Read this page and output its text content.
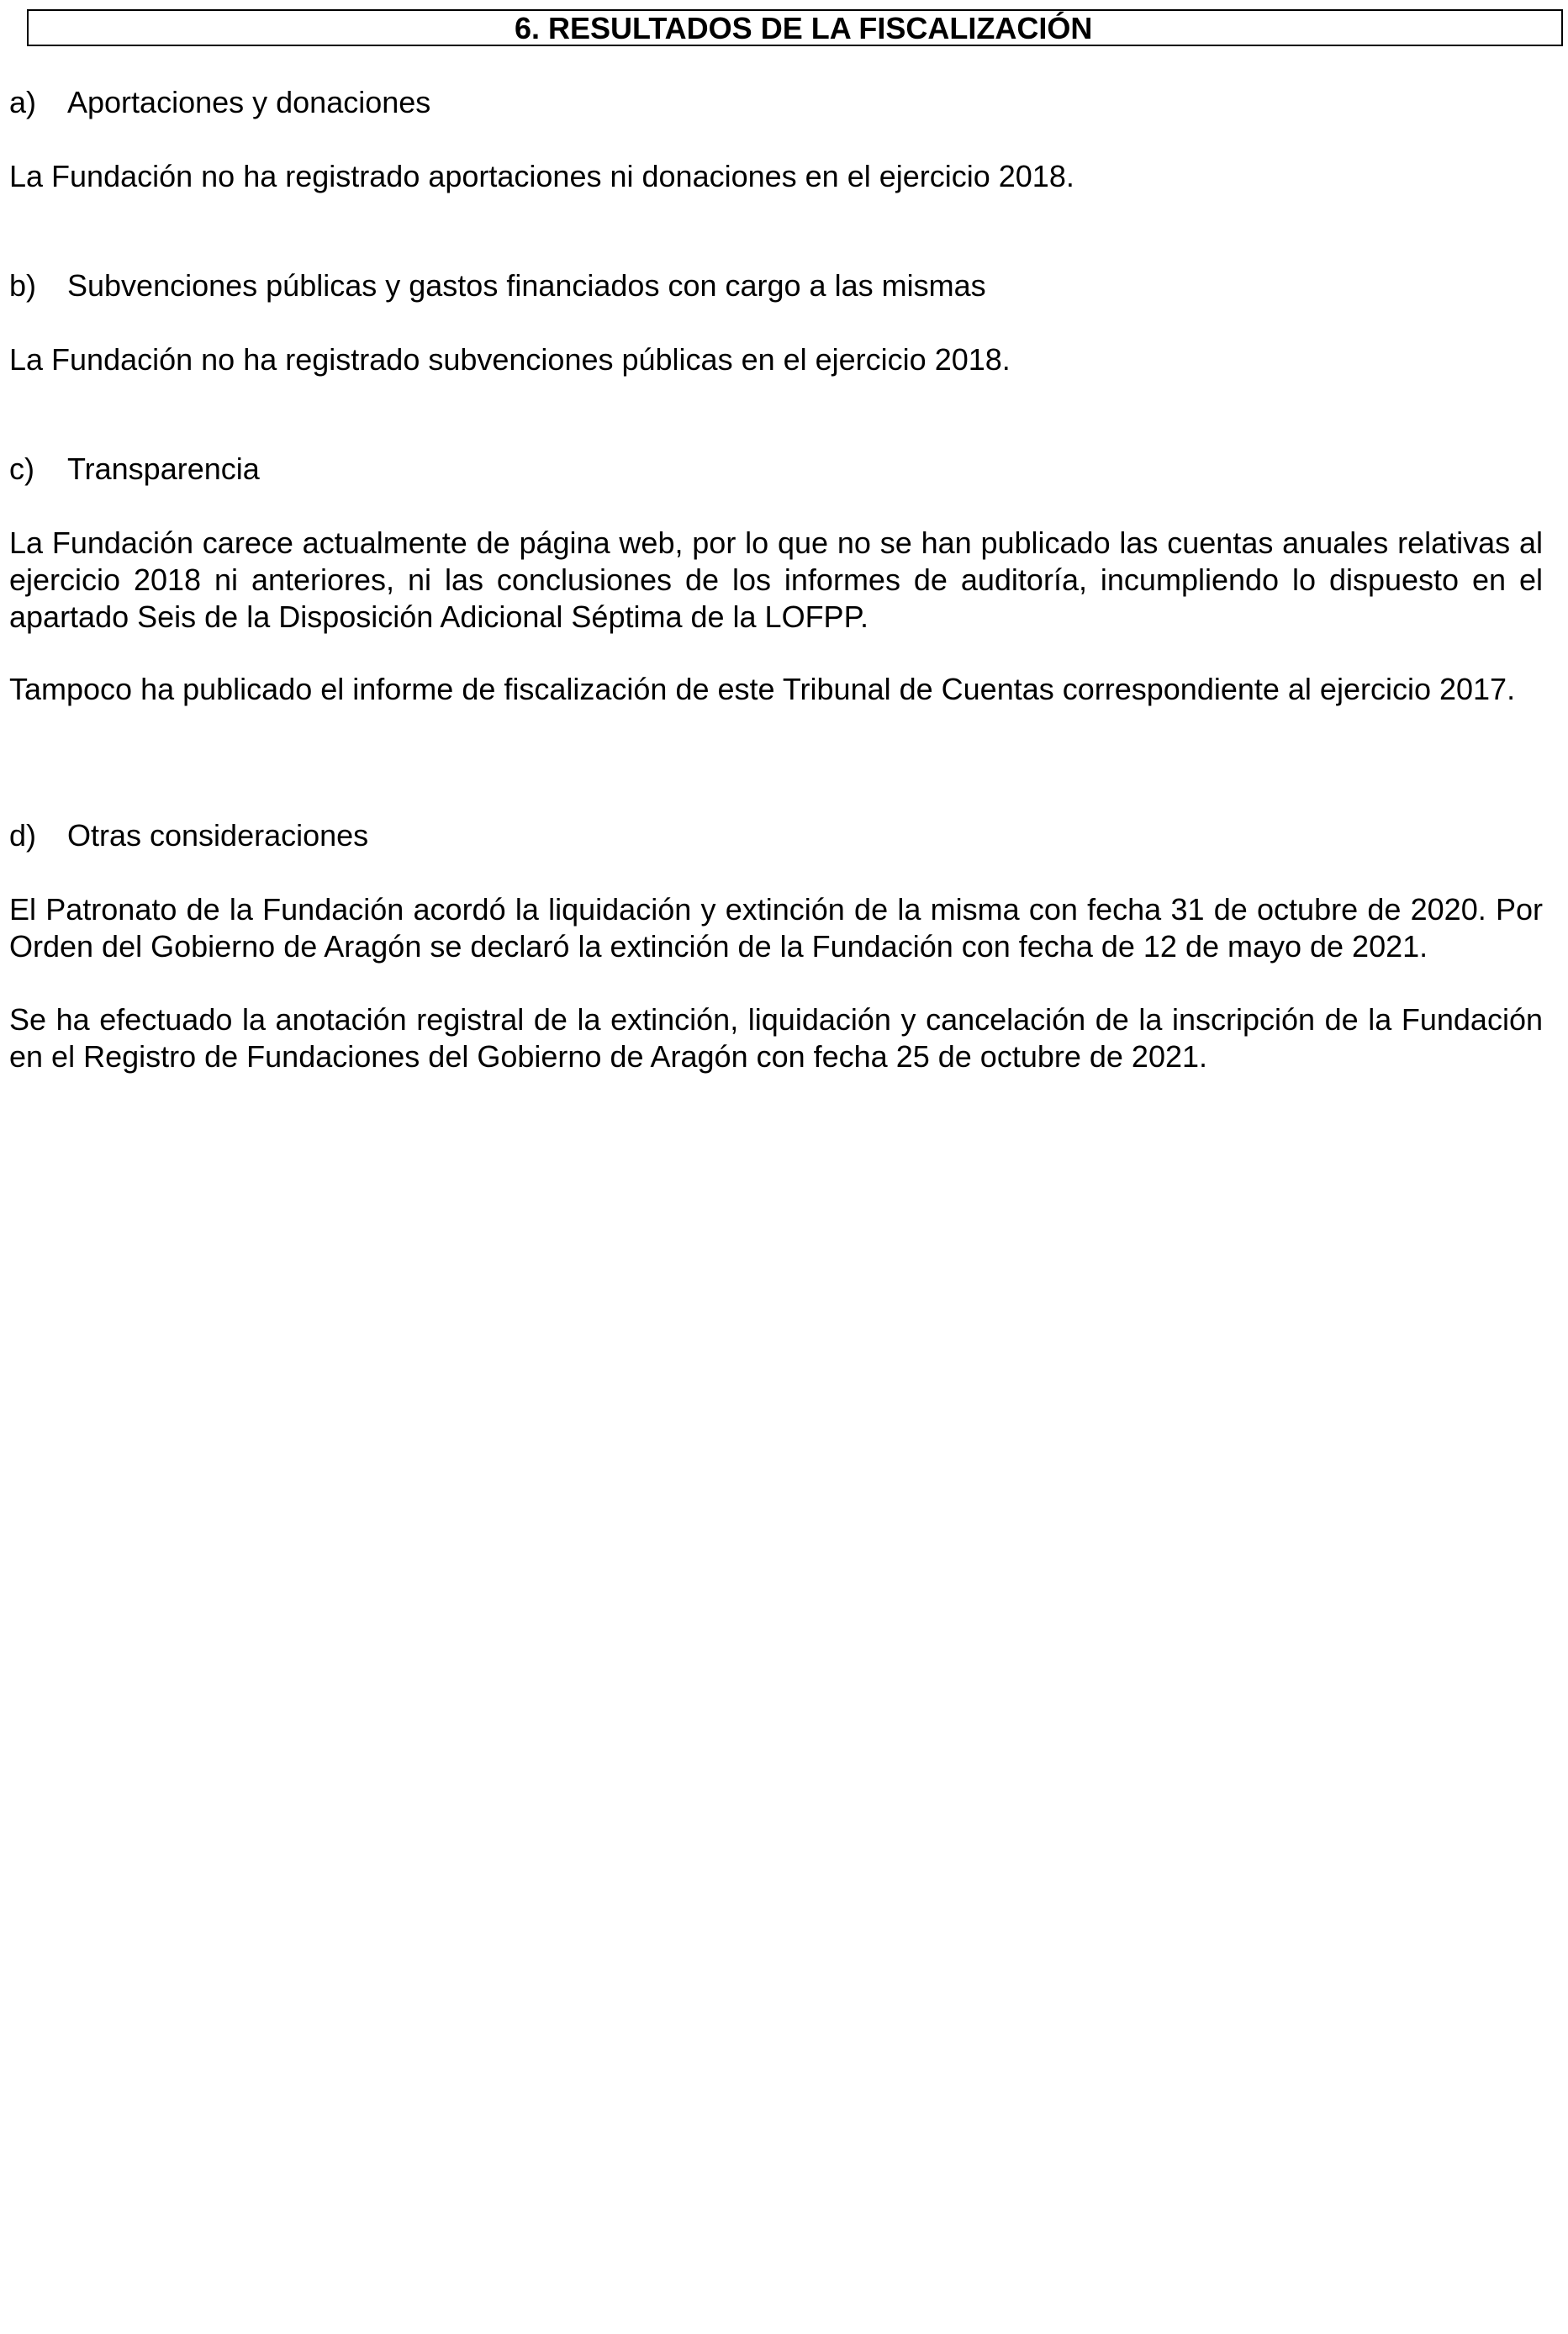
6. RESULTADOS DE LA FISCALIZACIÓN
a) Aportaciones y donaciones
La Fundación no ha registrado aportaciones ni donaciones en el ejercicio 2018.
b) Subvenciones públicas y gastos financiados con cargo a las mismas
La Fundación no ha registrado subvenciones públicas en el ejercicio 2018.
c) Transparencia
La Fundación carece actualmente de página web, por lo que no se han publicado las cuentas anuales relativas al ejercicio 2018 ni anteriores, ni las conclusiones de los informes de auditoría, incumpliendo lo dispuesto en el apartado Seis de la Disposición Adicional Séptima de la LOFPP.
Tampoco ha publicado el informe de fiscalización de este Tribunal de Cuentas correspondiente al ejercicio 2017.
d) Otras consideraciones
El Patronato de la Fundación acordó la liquidación y extinción de la misma con fecha 31 de octubre de 2020. Por Orden del Gobierno de Aragón se declaró la extinción de la Fundación con fecha de 12 de mayo de 2021.
Se ha efectuado la anotación registral de la extinción, liquidación y cancelación de la inscripción de la Fundación en el Registro de Fundaciones del Gobierno de Aragón con fecha 25 de octubre de 2021.
